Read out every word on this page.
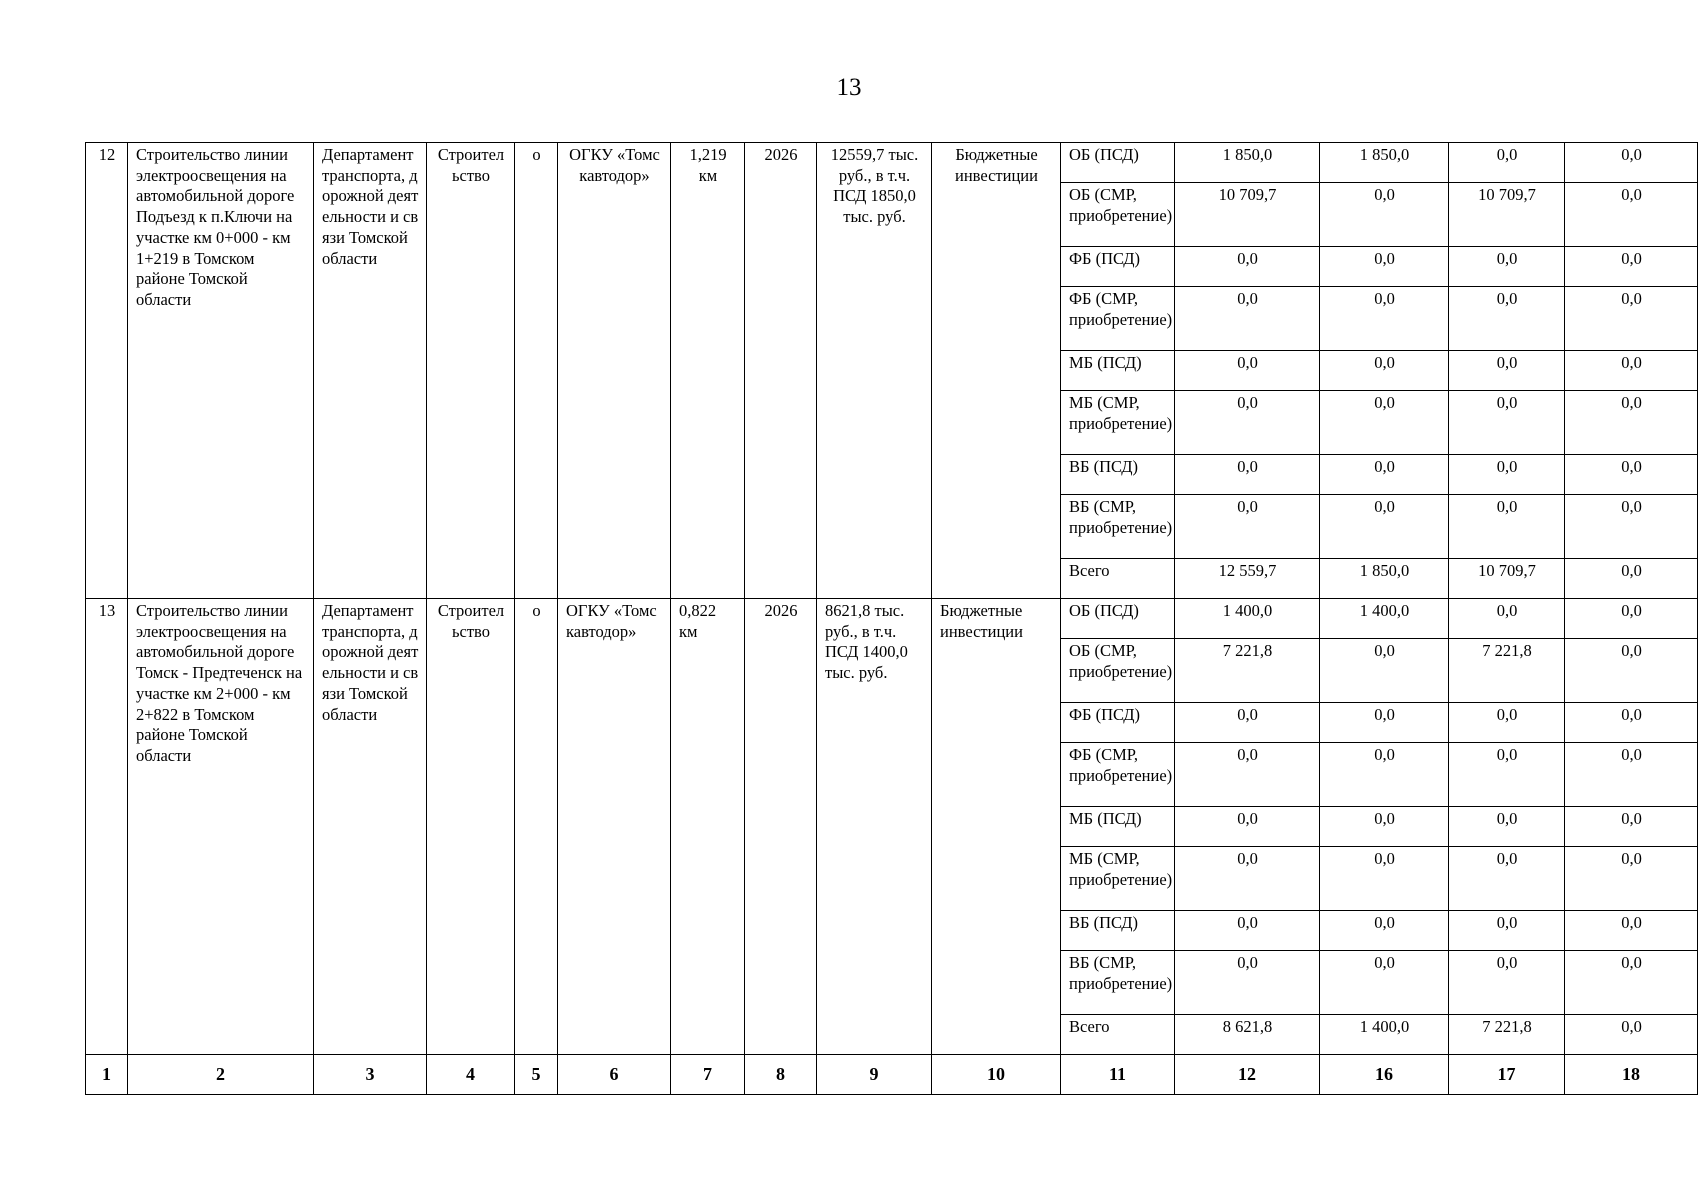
13
12	Строительство линии электроосвещения на автомобильной дороге Подъезд к п.Ключи на участке км 0+000 - км 1+219 в Томском районе Томской области	Департамент транспорта, дорожной деятельности и связи Томской области	Строительство	о	ОГКУ «Томскавтодор»	1,219 км	2026	12559,7 тыс. руб., в т.ч. ПСД 1850,0 тыс. руб.	Бюджетные инвестиции	ОБ (ПСД)	1 850,0	1 850,0	0,0	0,0
										ОБ (СМР, приобретение)	10 709,7	0,0	10 709,7	0,0
										ФБ (ПСД)	0,0	0,0	0,0	0,0
										ФБ (СМР, приобретение)	0,0	0,0	0,0	0,0
										МБ (ПСД)	0,0	0,0	0,0	0,0
										МБ (СМР, приобретение)	0,0	0,0	0,0	0,0
										ВБ (ПСД)	0,0	0,0	0,0	0,0
										ВБ (СМР, приобретение)	0,0	0,0	0,0	0,0
										Всего	12 559,7	1 850,0	10 709,7	0,0
13	Строительство линии электроосвещения на автомобильной дороге Томск - Предтеченск на участке км 2+000 - км 2+822 в Томском районе Томской области	Департамент транспорта, дорожной деятельности и связи Томской области	Строительство	о	ОГКУ «Томскавтодор»	0,822 км	2026	8621,8 тыс. руб., в т.ч. ПСД 1400,0 тыс. руб.	Бюджетные инвестиции	ОБ (ПСД)	1 400,0	1 400,0	0,0	0,0
										ОБ (СМР, приобретение)	7 221,8	0,0	7 221,8	0,0
										ФБ (ПСД)	0,0	0,0	0,0	0,0
										ФБ (СМР, приобретение)	0,0	0,0	0,0	0,0
										МБ (ПСД)	0,0	0,0	0,0	0,0
										МБ (СМР, приобретение)	0,0	0,0	0,0	0,0
										ВБ (ПСД)	0,0	0,0	0,0	0,0
										ВБ (СМР, приобретение)	0,0	0,0	0,0	0,0
										Всего	8 621,8	1 400,0	7 221,8	0,0
1	2	3	4	5	6	7	8	9	10	11	12	16	17	18
